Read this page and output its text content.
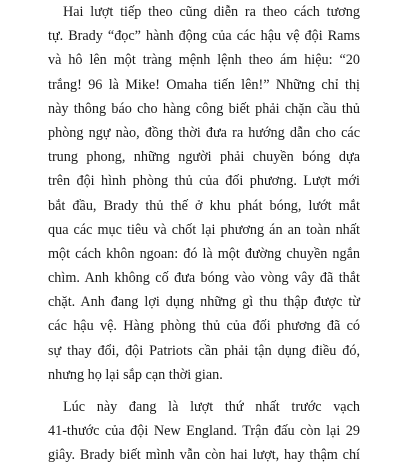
Hai lượt tiếp theo cũng diễn ra theo cách tương
tự. Brady “đọc” hành động của các hậu vệ đội Rams
và hô lên một tràng mệnh lệnh theo ám hiệu: “20
trắng! 96 là Mike! Omaha tiến lên!” Những chỉ thị
này thông báo cho hàng công biết phải chặn cầu thủ
phòng ngự nào, đồng thời đưa ra hướng dẫn cho các
trung phong, những người phải chuyền bóng dựa
trên đội hình phòng thủ của đối phương. Lượt mới
bắt đầu, Brady thủ thế ở khu phát bóng, lướt mắt
qua các mục tiêu và chốt lại phương án an toàn nhất
một cách khôn ngoan: đó là một đường chuyền ngắn
chìm. Anh không cố đưa bóng vào vòng vây đã thắt
chặt. Anh đang lợi dụng những gì thu thập được từ
các hậu vệ. Hàng phòng thủ của đối phương đã có
sự thay đổi, đội Patriots cần phải tận dụng điều đó,
nhưng họ lại sắp cạn thời gian.
Lúc này đang là lượt thứ nhất trước vạch
41-thước của đội New England. Trận đấu còn lại 29
giây. Brady biết mình vẫn còn hai lượt, hay thậm chí
